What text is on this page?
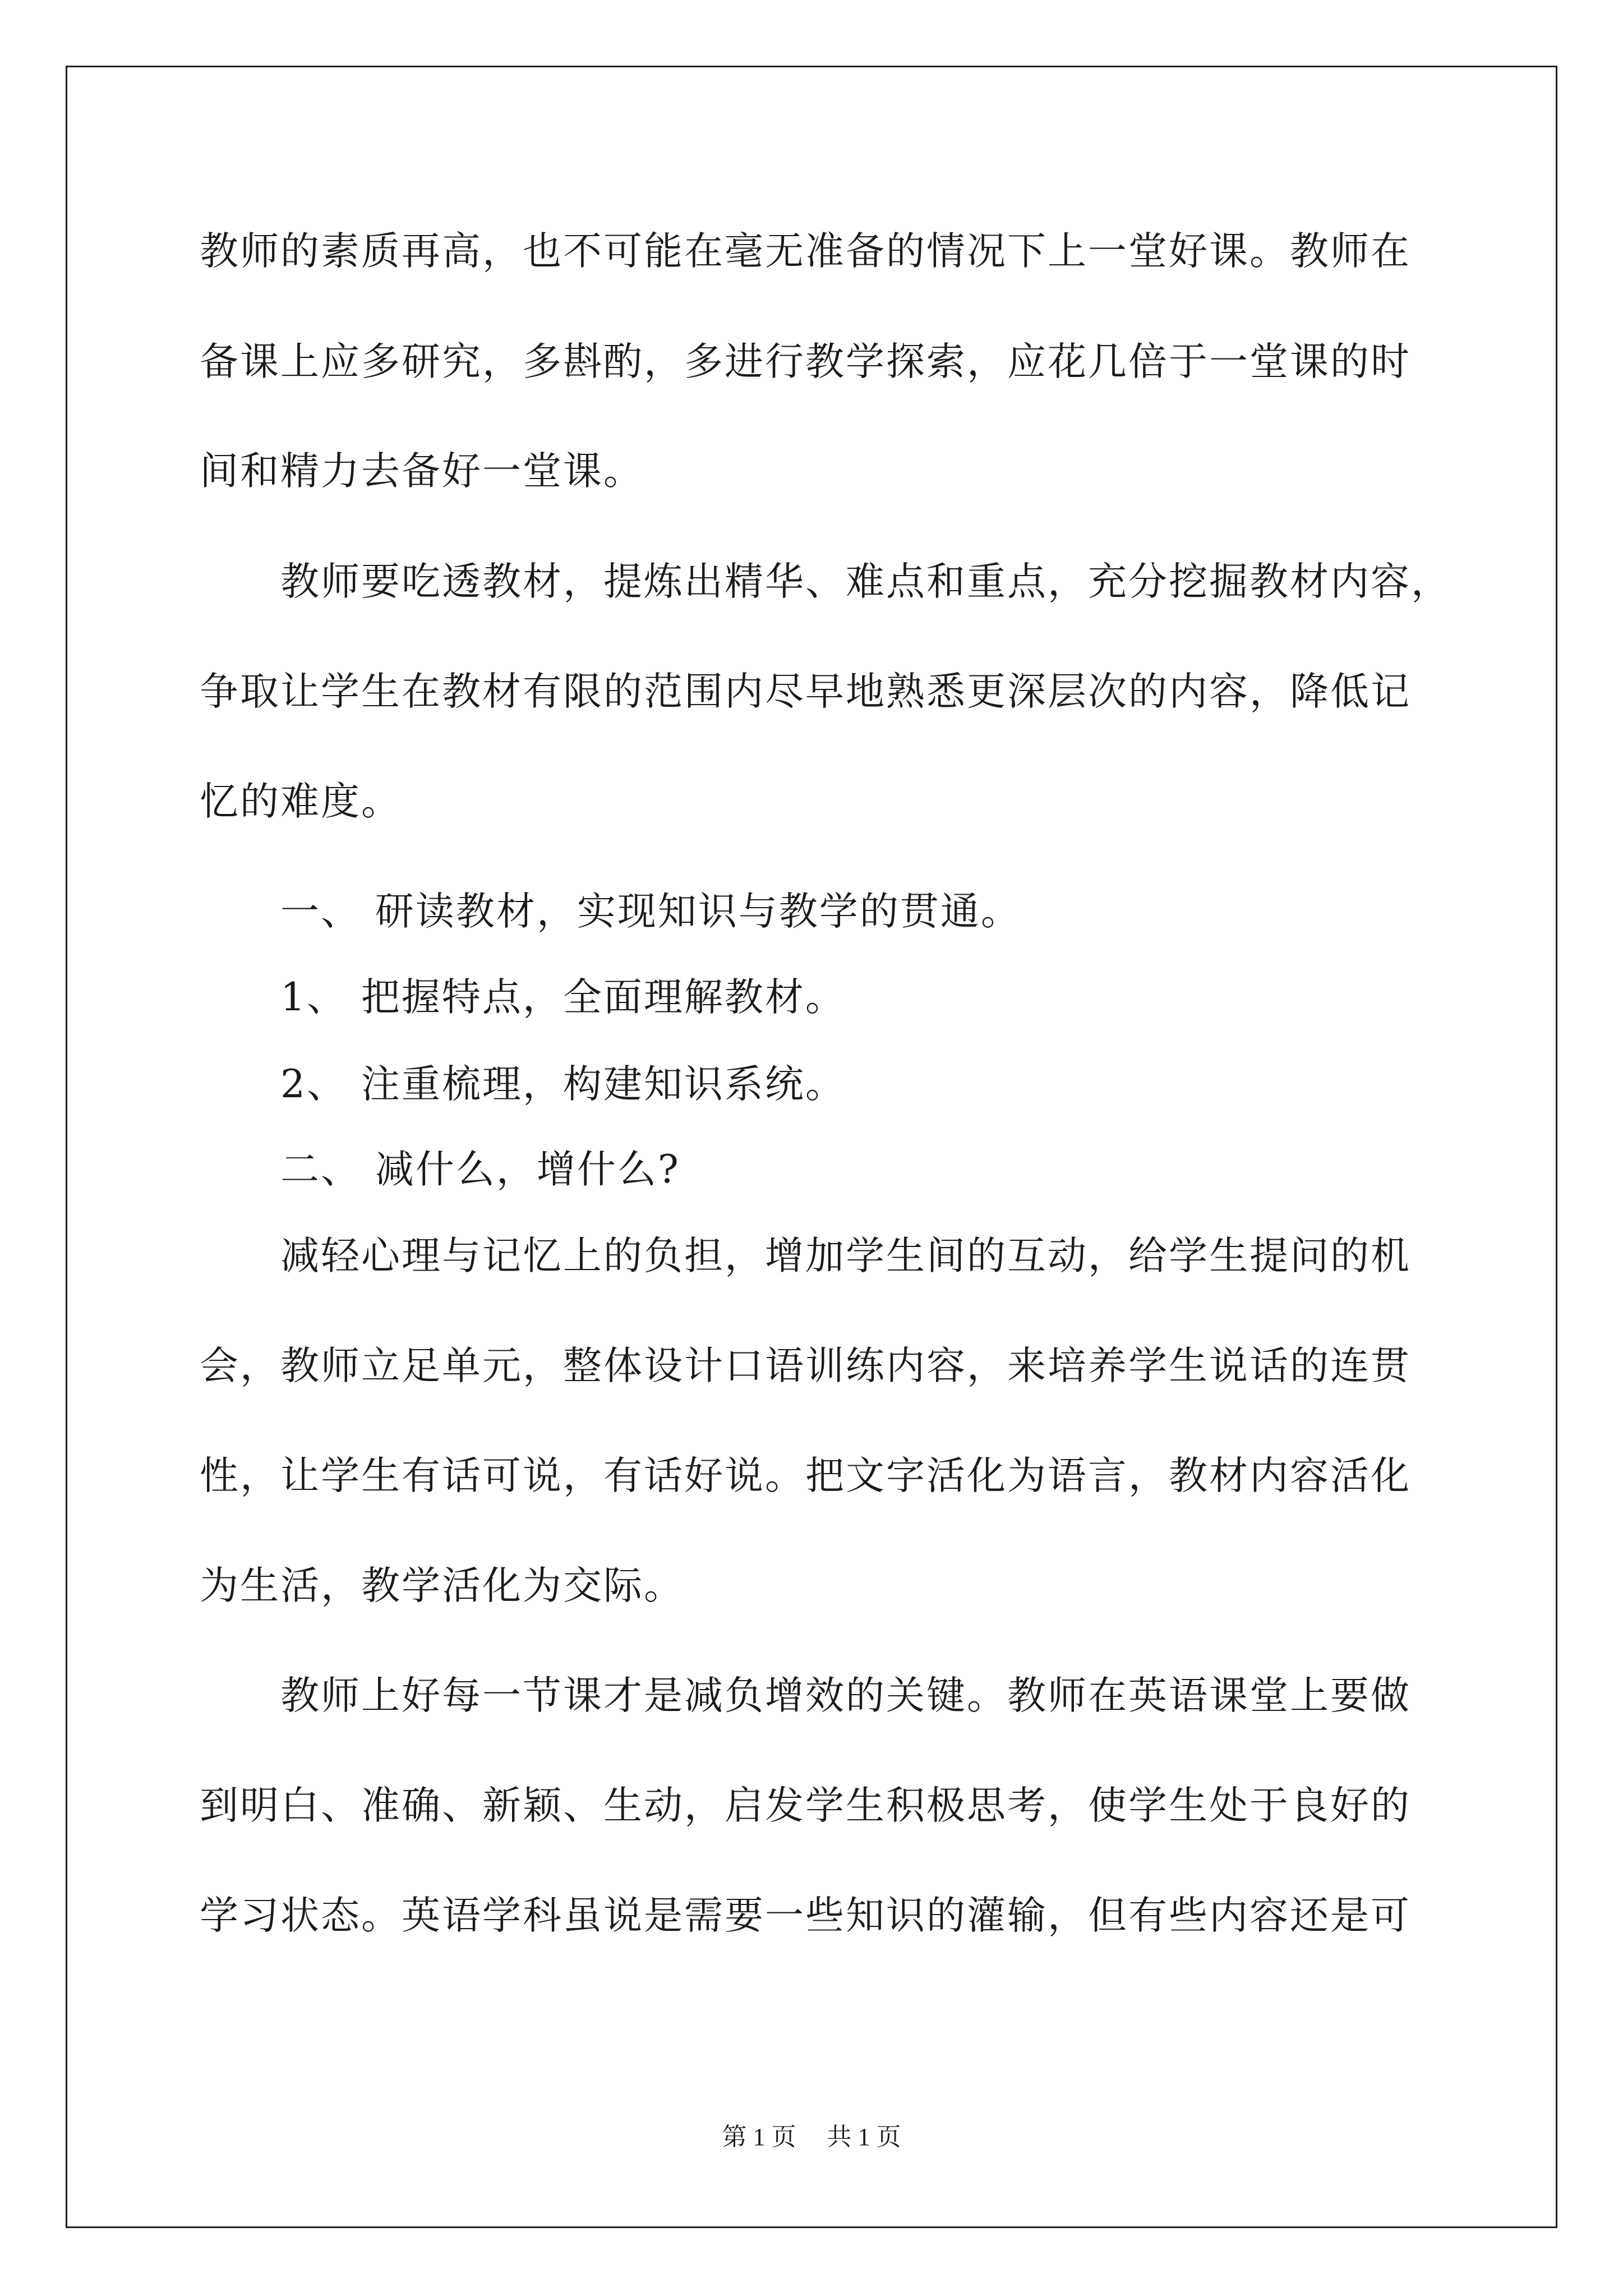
教师的素质再高，也不可能在毫无准备的情况下上一堂好课。教师在
备课上应多研究，多斟酌，多进行教学探索，应花几倍于一堂课的时
间和精力去备好一堂课。
　　教师要吃透教材，提炼出精华、难点和重点，充分挖掘教材内容，
争取让学生在教材有限的范围内尽早地熟悉更深层次的内容，降低记
忆的难度。
　　一、 研读教材，实现知识与教学的贯通。
　　1、 把握特点，全面理解教材。
　　2、 注重梳理，构建知识系统。
　　二、 减什么，增什么?
　　减轻心理与记忆上的负担，增加学生间的互动，给学生提问的机
会，教师立足单元，整体设计口语训练内容，来培养学生说话的连贯
性，让学生有话可说，有话好说。把文字活化为语言，教材内容活化
为生活，教学活化为交际。
　　教师上好每一节课才是减负增效的关键。教师在英语课堂上要做
到明白、准确、新颖、生动，启发学生积极思考，使学生处于良好的
学习状态。英语学科虽说是需要一些知识的灌输，但有些内容还是可
第 1 页　 共 1 页
